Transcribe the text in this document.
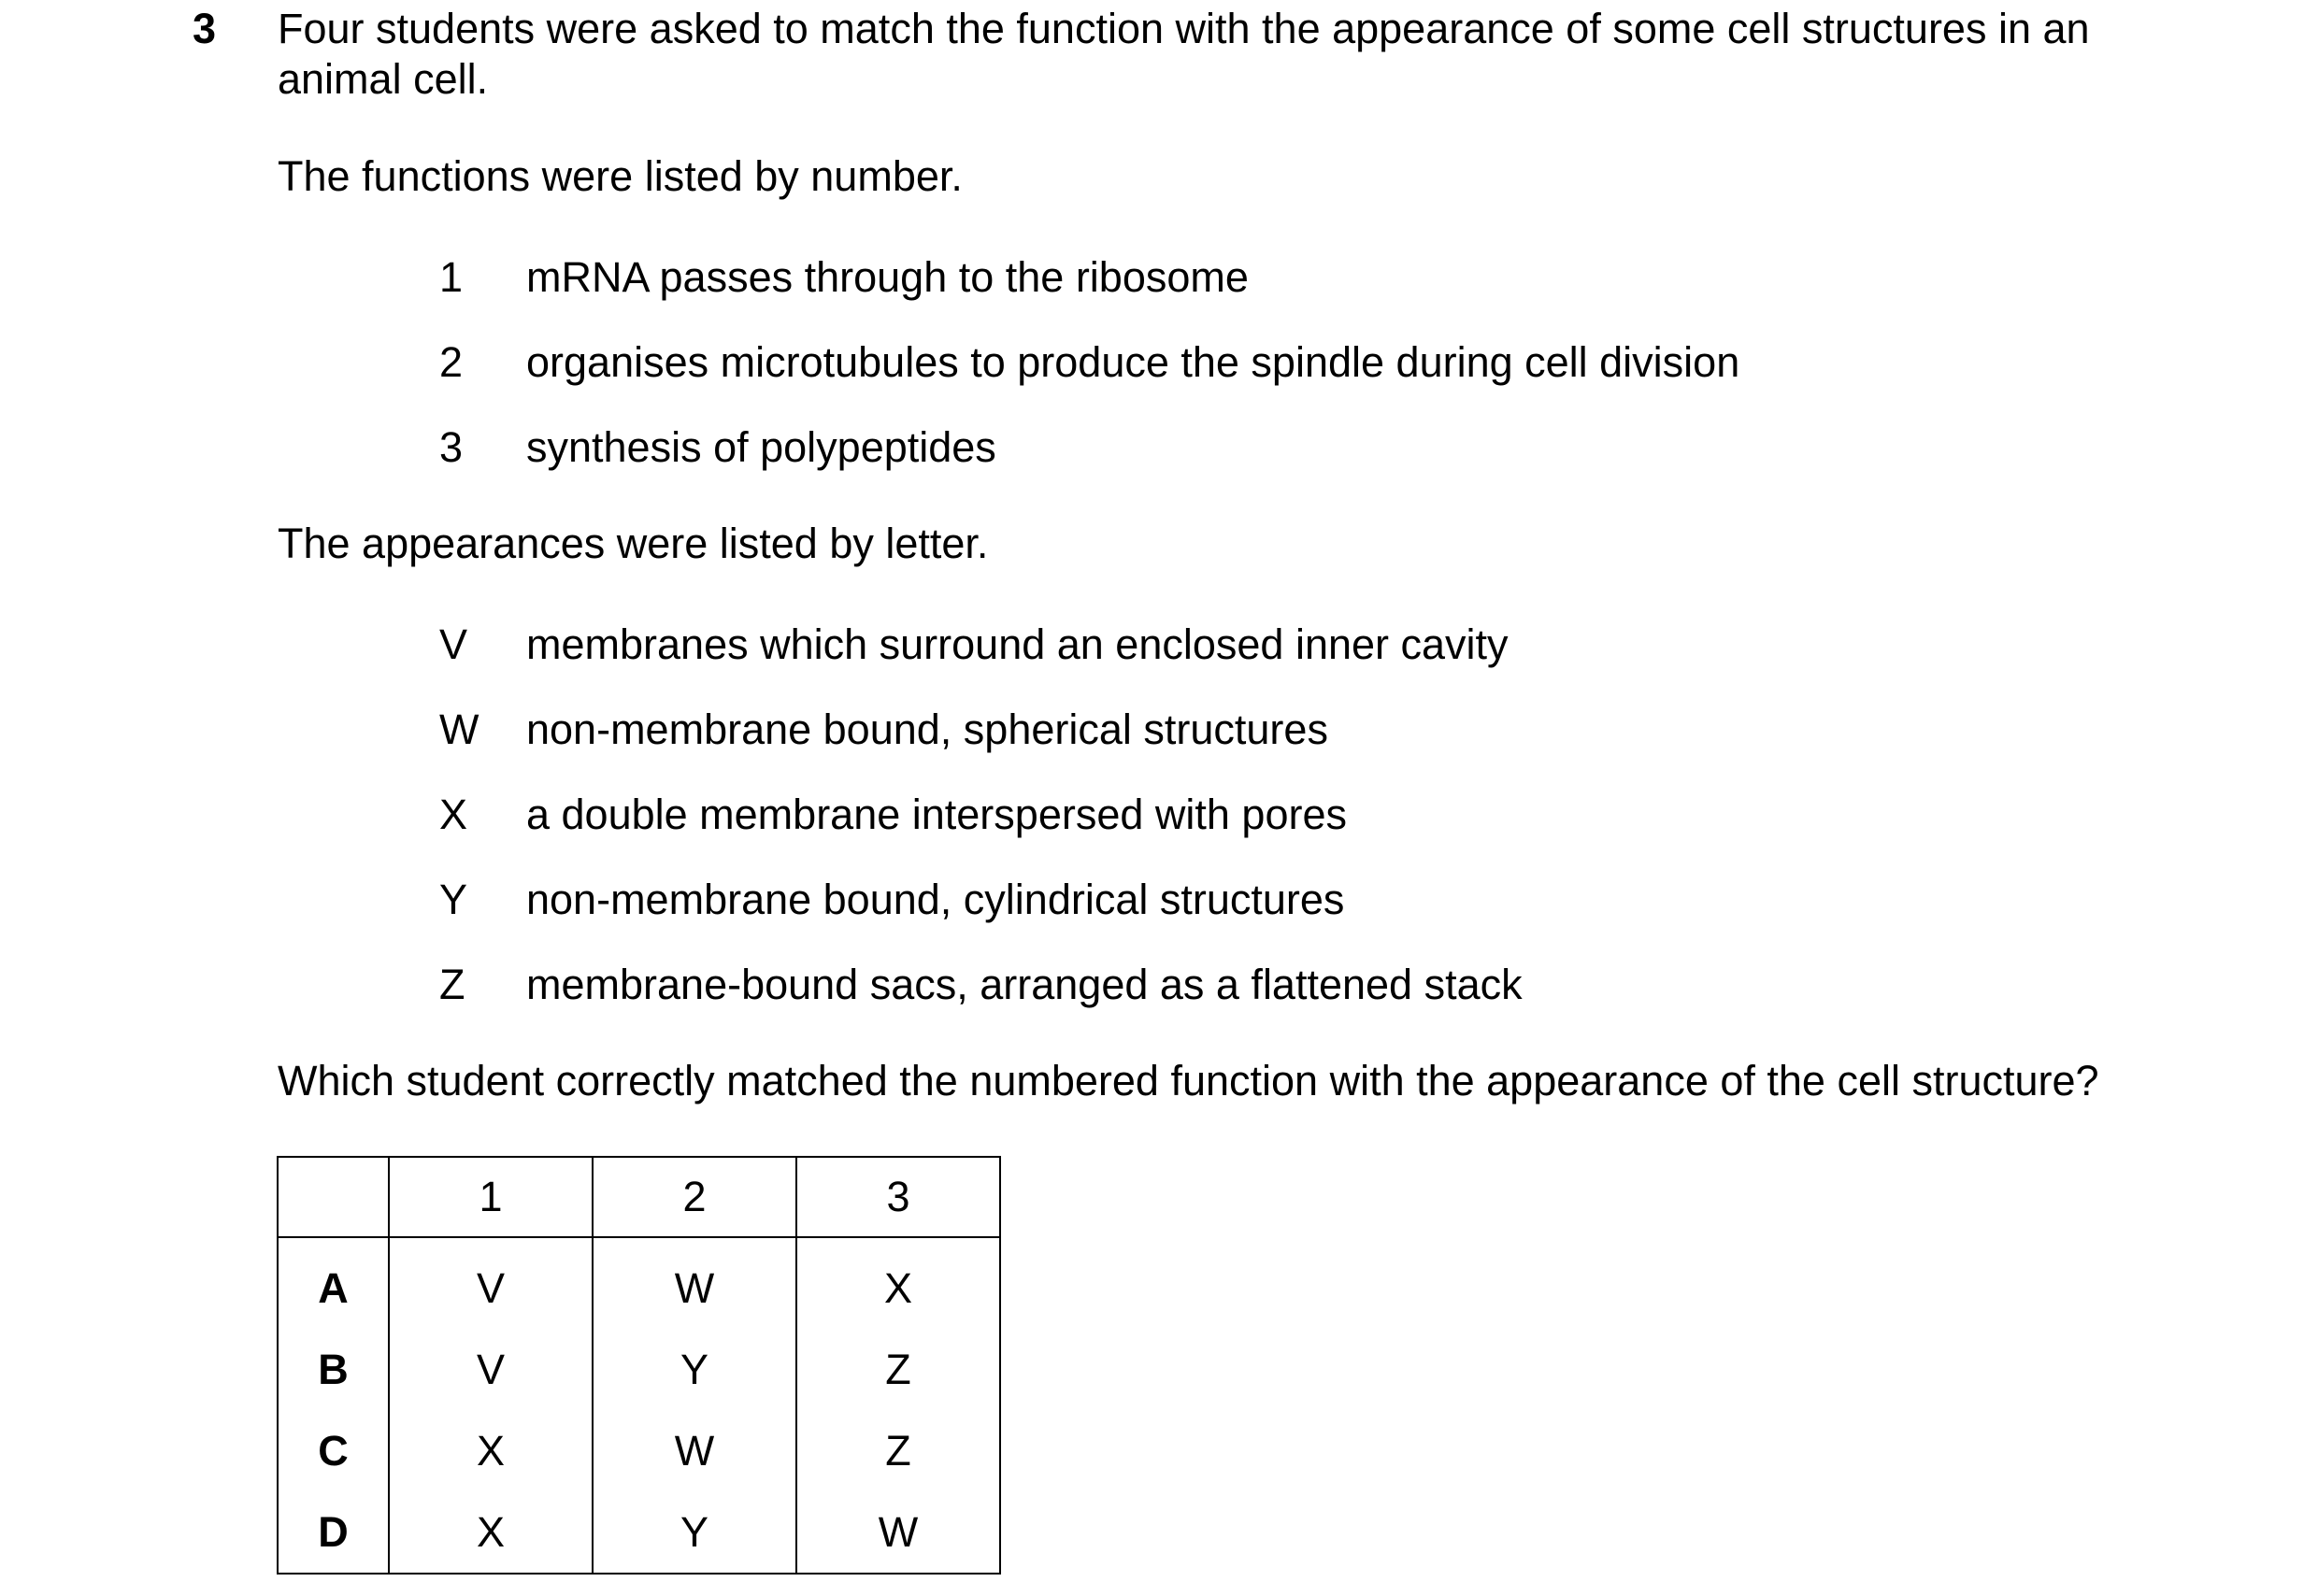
3 Four students were asked to match the function with the appearance of some cell structures in an animal cell.
The functions were listed by number.
1 mRNA passes through to the ribosome
2 organises microtubules to produce the spindle during cell division
3 synthesis of polypeptides
The appearances were listed by letter.
V membranes which surround an enclosed inner cavity
W non-membrane bound, spherical structures
X a double membrane interspersed with pores
Y non-membrane bound, cylindrical structures
Z membrane-bound sacs, arranged as a flattened stack
Which student correctly matched the numbered function with the appearance of the cell structure?
	1	2	3
A	V	W	X
B	V	Y	Z
C	X	W	Z
D	X	Y	W
